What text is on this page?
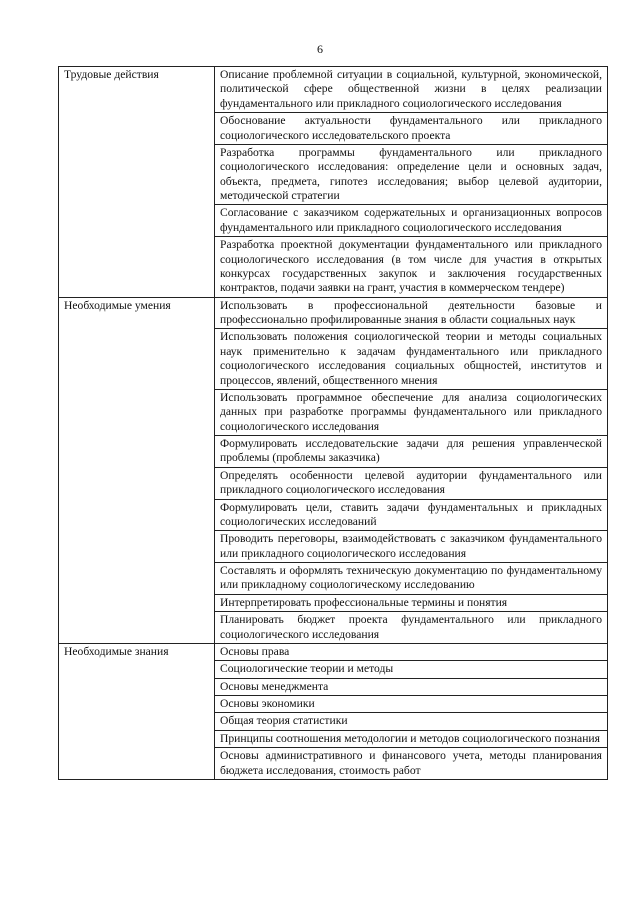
6
Трудовые действия	Описание проблемной ситуации в социальной, культурной, экономической, политической сфере общественной жизни в целях реализации фундаментального или прикладного социологического исследования
	Обоснование актуальности фундаментального или прикладного социологического исследовательского проекта
	Разработка программы фундаментального или прикладного социологического исследования: определение цели и основных задач, объекта, предмета, гипотез исследования; выбор целевой аудитории, методической стратегии
	Согласование с заказчиком содержательных и организационных вопросов фундаментального или прикладного социологического исследования
	Разработка проектной документации фундаментального или прикладного социологического исследования (в том числе для участия в открытых конкурсах государственных закупок и заключения государственных контрактов, подачи заявки на грант, участия в коммерческом тендере)
Необходимые умения	Использовать в профессиональной деятельности базовые и профессионально профилированные знания в области социальных наук
	Использовать положения социологической теории и методы социальных наук применительно к задачам фундаментального или прикладного социологического исследования социальных общностей, институтов и процессов, явлений, общественного мнения
	Использовать программное обеспечение для анализа социологических данных при разработке программы фундаментального или прикладного социологического исследования
	Формулировать исследовательские задачи для решения управленческой проблемы (проблемы заказчика)
	Определять особенности целевой аудитории фундаментального или прикладного социологического исследования
	Формулировать цели, ставить задачи фундаментальных и прикладных социологических исследований
	Проводить переговоры, взаимодействовать с заказчиком фундаментального или прикладного социологического исследования
	Составлять и оформлять техническую документацию по фундаментальному или прикладному социологическому исследованию
	Интерпретировать профессиональные термины и понятия
	Планировать бюджет проекта фундаментального или прикладного социологического исследования
Необходимые знания	Основы права
	Социологические теории и методы
	Основы менеджмента
	Основы экономики
	Общая теория статистики
	Принципы соотношения методологии и методов социологического познания
	Основы административного и финансового учета, методы планирования бюджета исследования, стоимость работ
